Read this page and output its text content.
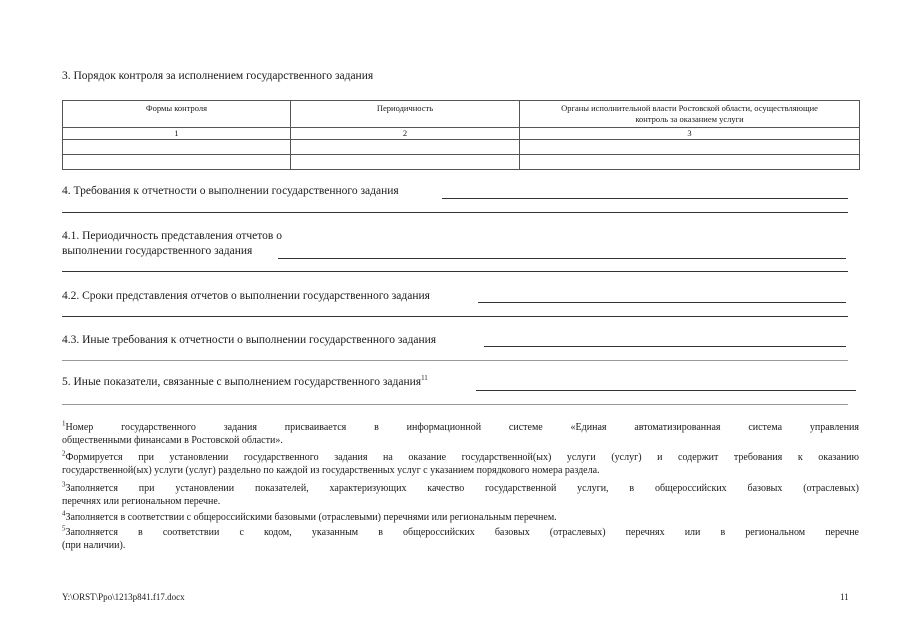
3. Порядок контроля за исполнением государственного задания
Формы контроля	Периодичность	Органы исполнительной власти Ростовской области, осуществляющие контроль за оказанием услуги
1	2	3

4. Требования к отчетности о выполнении государственного задания
4.1. Периодичность представления отчетов о
выполнении государственного задания
4.2. Сроки представления отчетов о выполнении государственного задания
4.3. Иные требования к отчетности о выполнении государственного задания
5. Иные показатели, связанные с выполнением государственного задания$^{11}$
$^1$Номер государственного задания присваивается в информационной системе «Единая автоматизированная система управления
общественными финансами в Ростовской области».
$^2$Формируется при установлении государственного задания на оказание государственной(ых) услуги (услуг) и содержит требования к оказанию
государственной(ых) услуги (услуг) раздельно по каждой из государственных услуг с указанием порядкового номера раздела.
$^3$Заполняется при установлении показателей, характеризующих качество государственной услуги, в общероссийских базовых (отраслевых)
перечнях или региональном перечне.
$^4$Заполняется в соответствии с общероссийскими базовыми (отраслевыми) перечнями или региональным перечнем.
$^5$Заполняется в соответствии с кодом, указанным в общероссийских базовых (отраслевых) перечнях или в региональном перечне
(при наличии).
Y:\ORST\Ppo\1213p841.f17.docx	11
